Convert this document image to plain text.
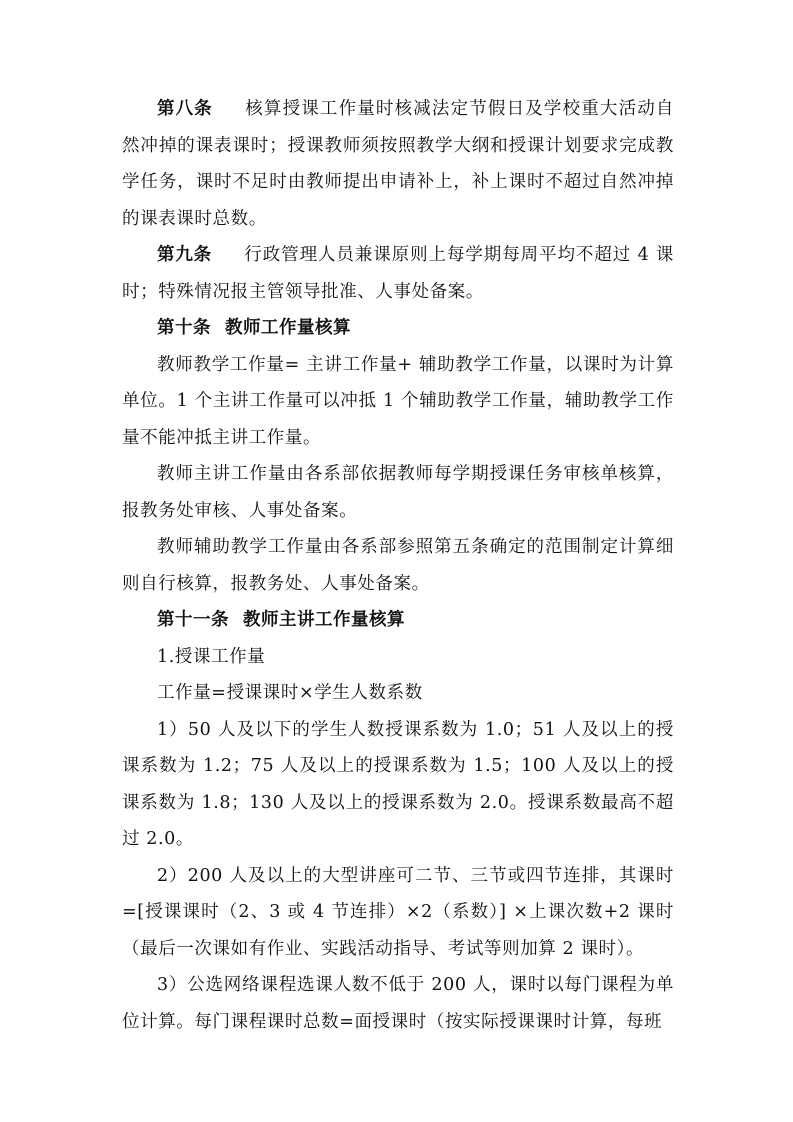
第八条 核算授课工作量时核减法定节假日及学校重大活动自然冲掉的课表课时；授课教师须按照教学大纲和授课计划要求完成教学任务，课时不足时由教师提出申请补上，补上课时不超过自然冲掉的课表课时总数。

第九条 行政管理人员兼课原则上每学期每周平均不超过 4 课时；特殊情况报主管领导批准、人事处备案。

第十条 教师工作量核算

教师教学工作量= 主讲工作量+ 辅助教学工作量，以课时为计算单位。1 个主讲工作量可以冲抵 1 个辅助教学工作量，辅助教学工作量不能冲抵主讲工作量。

教师主讲工作量由各系部依据教师每学期授课任务审核单核算，报教务处审核、人事处备案。

教师辅助教学工作量由各系部参照第五条确定的范围制定计算细则自行核算，报教务处、人事处备案。

第十一条 教师主讲工作量核算

1.授课工作量

工作量=授课课时×学生人数系数

1）50 人及以下的学生人数授课系数为 1.0；51 人及以上的授课系数为 1.2；75 人及以上的授课系数为 1.5；100 人及以上的授课系数为 1.8；130 人及以上的授课系数为 2.0。授课系数最高不超过 2.0。

2）200 人及以上的大型讲座可二节、三节或四节连排，其课时=[授课课时（2、3 或 4 节连排）×2（系数）] ×上课次数+2 课时（最后一次课如有作业、实践活动指导、考试等则加算 2 课时）。

3）公选网络课程选课人数不低于 200 人，课时以每门课程为单位计算。每门课程课时总数=面授课时（按实际授课课时计算，每班
